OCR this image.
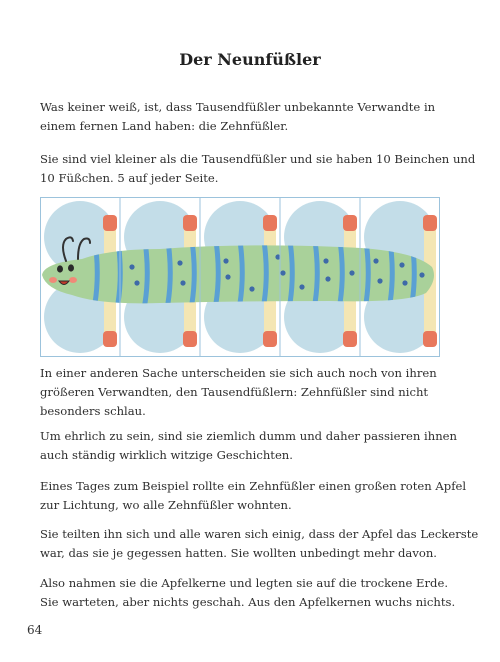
Der Neunfüßler
Was keiner weiß, ist, dass Tausendfüßler unbekannte Verwandte in
einem fernen Land haben: die Zehnfüßler.
Sie sind viel kleiner als die Tausendfüßler und sie haben 10 Beinchen und
10 Füßchen. 5 auf jeder Seite.
In einer anderen Sache unterscheiden sie sich auch noch von ihren
größeren Verwandten, den Tausendfüßlern: Zehnfüßler sind nicht
besonders schlau.
Um ehrlich zu sein, sind sie ziemlich dumm und daher passieren ihnen
auch ständig wirklich witzige Geschichten.
Eines Tages zum Beispiel rollte ein Zehnfüßler einen großen roten Apfel
zur Lichtung, wo alle Zehnfüßler wohnten.
Sie teilten ihn sich und alle waren sich einig, dass der Apfel das Leckerste
war, das sie je gegessen hatten. Sie wollten unbedingt mehr davon.
Also nahmen sie die Apfelkerne und legten sie auf die trockene Erde.
Sie warteten, aber nichts geschah. Aus den Apfelkernen wuchs nichts.
64
